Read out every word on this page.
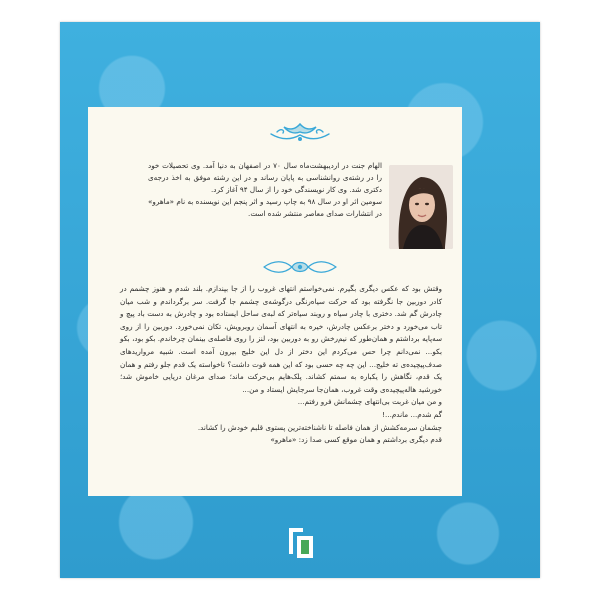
الهام جنت در اردیبهشت‌ماه سال ۷۰ در اصفهان به دنیا آمد. وی تحصیلات خود را در رشته‌ی روانشناسی به پایان رساند و در این رشته موفق به اخذ درجه‌ی دکتری شد. وی کار نویسندگی خود را از سال ۹۴ آغاز کرد.

سومین اثر او در سال ۹۸ به چاپ رسید و اثر پنجم این نویسنده به نام «ماهرو» در انتشارات صدای معاصر منتشر شده است.

وقتش بود که عکس دیگری بگیرم. نمی‌خواستم انتهای غروب را از جا بپندازم. بلند شدم و هنوز چشمم در کادر دوربین جا نگرفته بود که حرکت سیاه‌رنگی درگوشه‌ی چشمم جا گرفت. سر برگرداندم و شب میان چادرش گم شد. دختری با چادر سیاه و روبند سیاه‌تر که لبه‌ی ساحل ایستاده بود و چادرش به دست باد پیچ و تاب می‌خورد و دختر برعکس چادرش، خیره به انتهای آسمان روبرویش، تکان نمی‌خورد. دوربین را از روی سه‌پایه برداشتم و همان‌طور که نیم‌رخش رو به دوربین بود، لنز را روی فاصله‌ی بینمان چرخاندم. بکو بود، بکو بکو... نمی‌دانم چرا حس می‌کردم این دختر از دل این خلیج بیرون آمده است. شبیه مرواریدهای صدف‌پیچیده‌ی ته خلیج... این چه چه حسی بود که این همه قوت داشت؟ ناخواسته یک قدم جلو رفتم و همان یک قدم، نگاهش را یکباره به سمتم کشاند. پلک‌هایم بی‌حرکت ماند؛ صدای مرغان دریایی خاموش شد؛ خورشید هاله‌پیچیده‌ی وقت غروب، همان‌جا سرجایش ایستاد و من...

و من میان غربت بی‌انتهای چشمانش فرو رفتم...

گم شدم... ماندم...!

چشمان سرمه‌کشش از همان فاصله تا ناشناخته‌ترین پستوی قلبم خودش را کشاند.

قدم دیگری برداشتم و همان موقع کسی صدا زد: «ماهرو»
